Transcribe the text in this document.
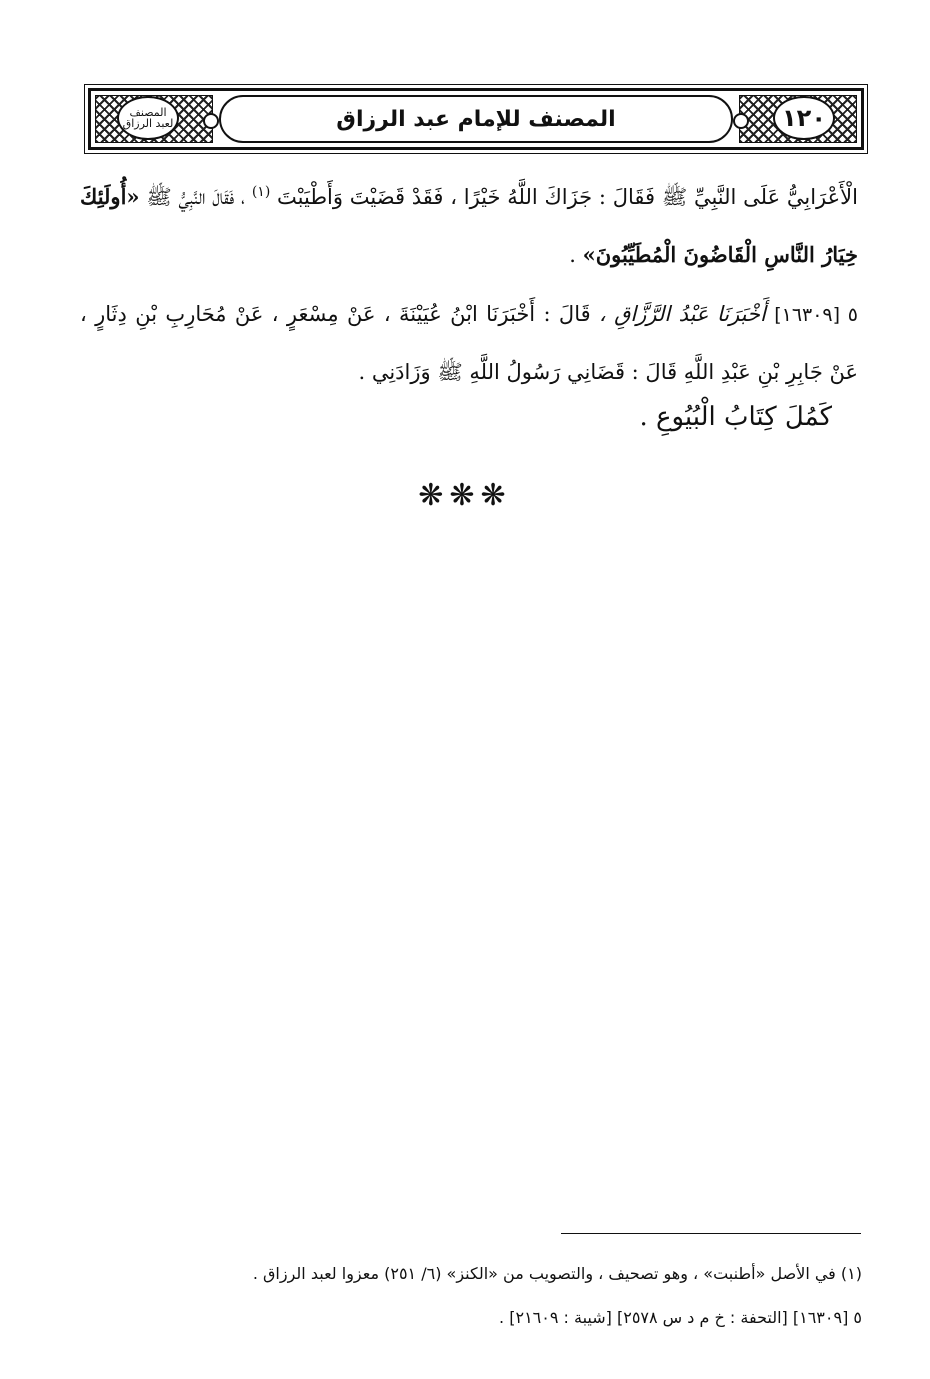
١٢٠
المصنف لعبد الرزاق	المصنف للإمام عبد الرزاق

الْأَعْرَابِيُّ عَلَى النَّبِيِّ ﷺ فَقَالَ : جَزَاكَ اللَّهُ خَيْرًا ، فَقَدْ قَضَيْتَ وَأَطْيَبْتَ $^{(١)}$ ، فَقَالَ النَّبِيُّ ﷺ «أُولَئِكَ خِيَارُ النَّاسِ الْقَاضُونَ الْمُطَيِّبُونَ» .

٥ [١٦٣٠٩] أَخْبَرَنَا عَبْدُ الرَّزَّاقِ ، قَالَ : أَخْبَرَنَا ابْنُ عُيَيْنَةَ ، عَنْ مِسْعَرٍ ، عَنْ مُحَارِبِ بْنِ دِثَارٍ ، عَنْ جَابِرِ بْنِ عَبْدِ اللَّهِ قَالَ : قَضَانِي رَسُولُ اللَّهِ ﷺ وَزَادَنِي .

كَمُلَ كِتَابُ الْبُيُوعِ .
❋❋❋

(١) في الأصل «أطنبت» ، وهو تصحيف ، والتصويب من «الكنز» (٦/ ٢٥١) معزوا لعبد الرزاق .

٥ [١٦٣٠٩] [التحفة : خ م د س ٢٥٧٨] [شيبة : ٢١٦٠٩] .
